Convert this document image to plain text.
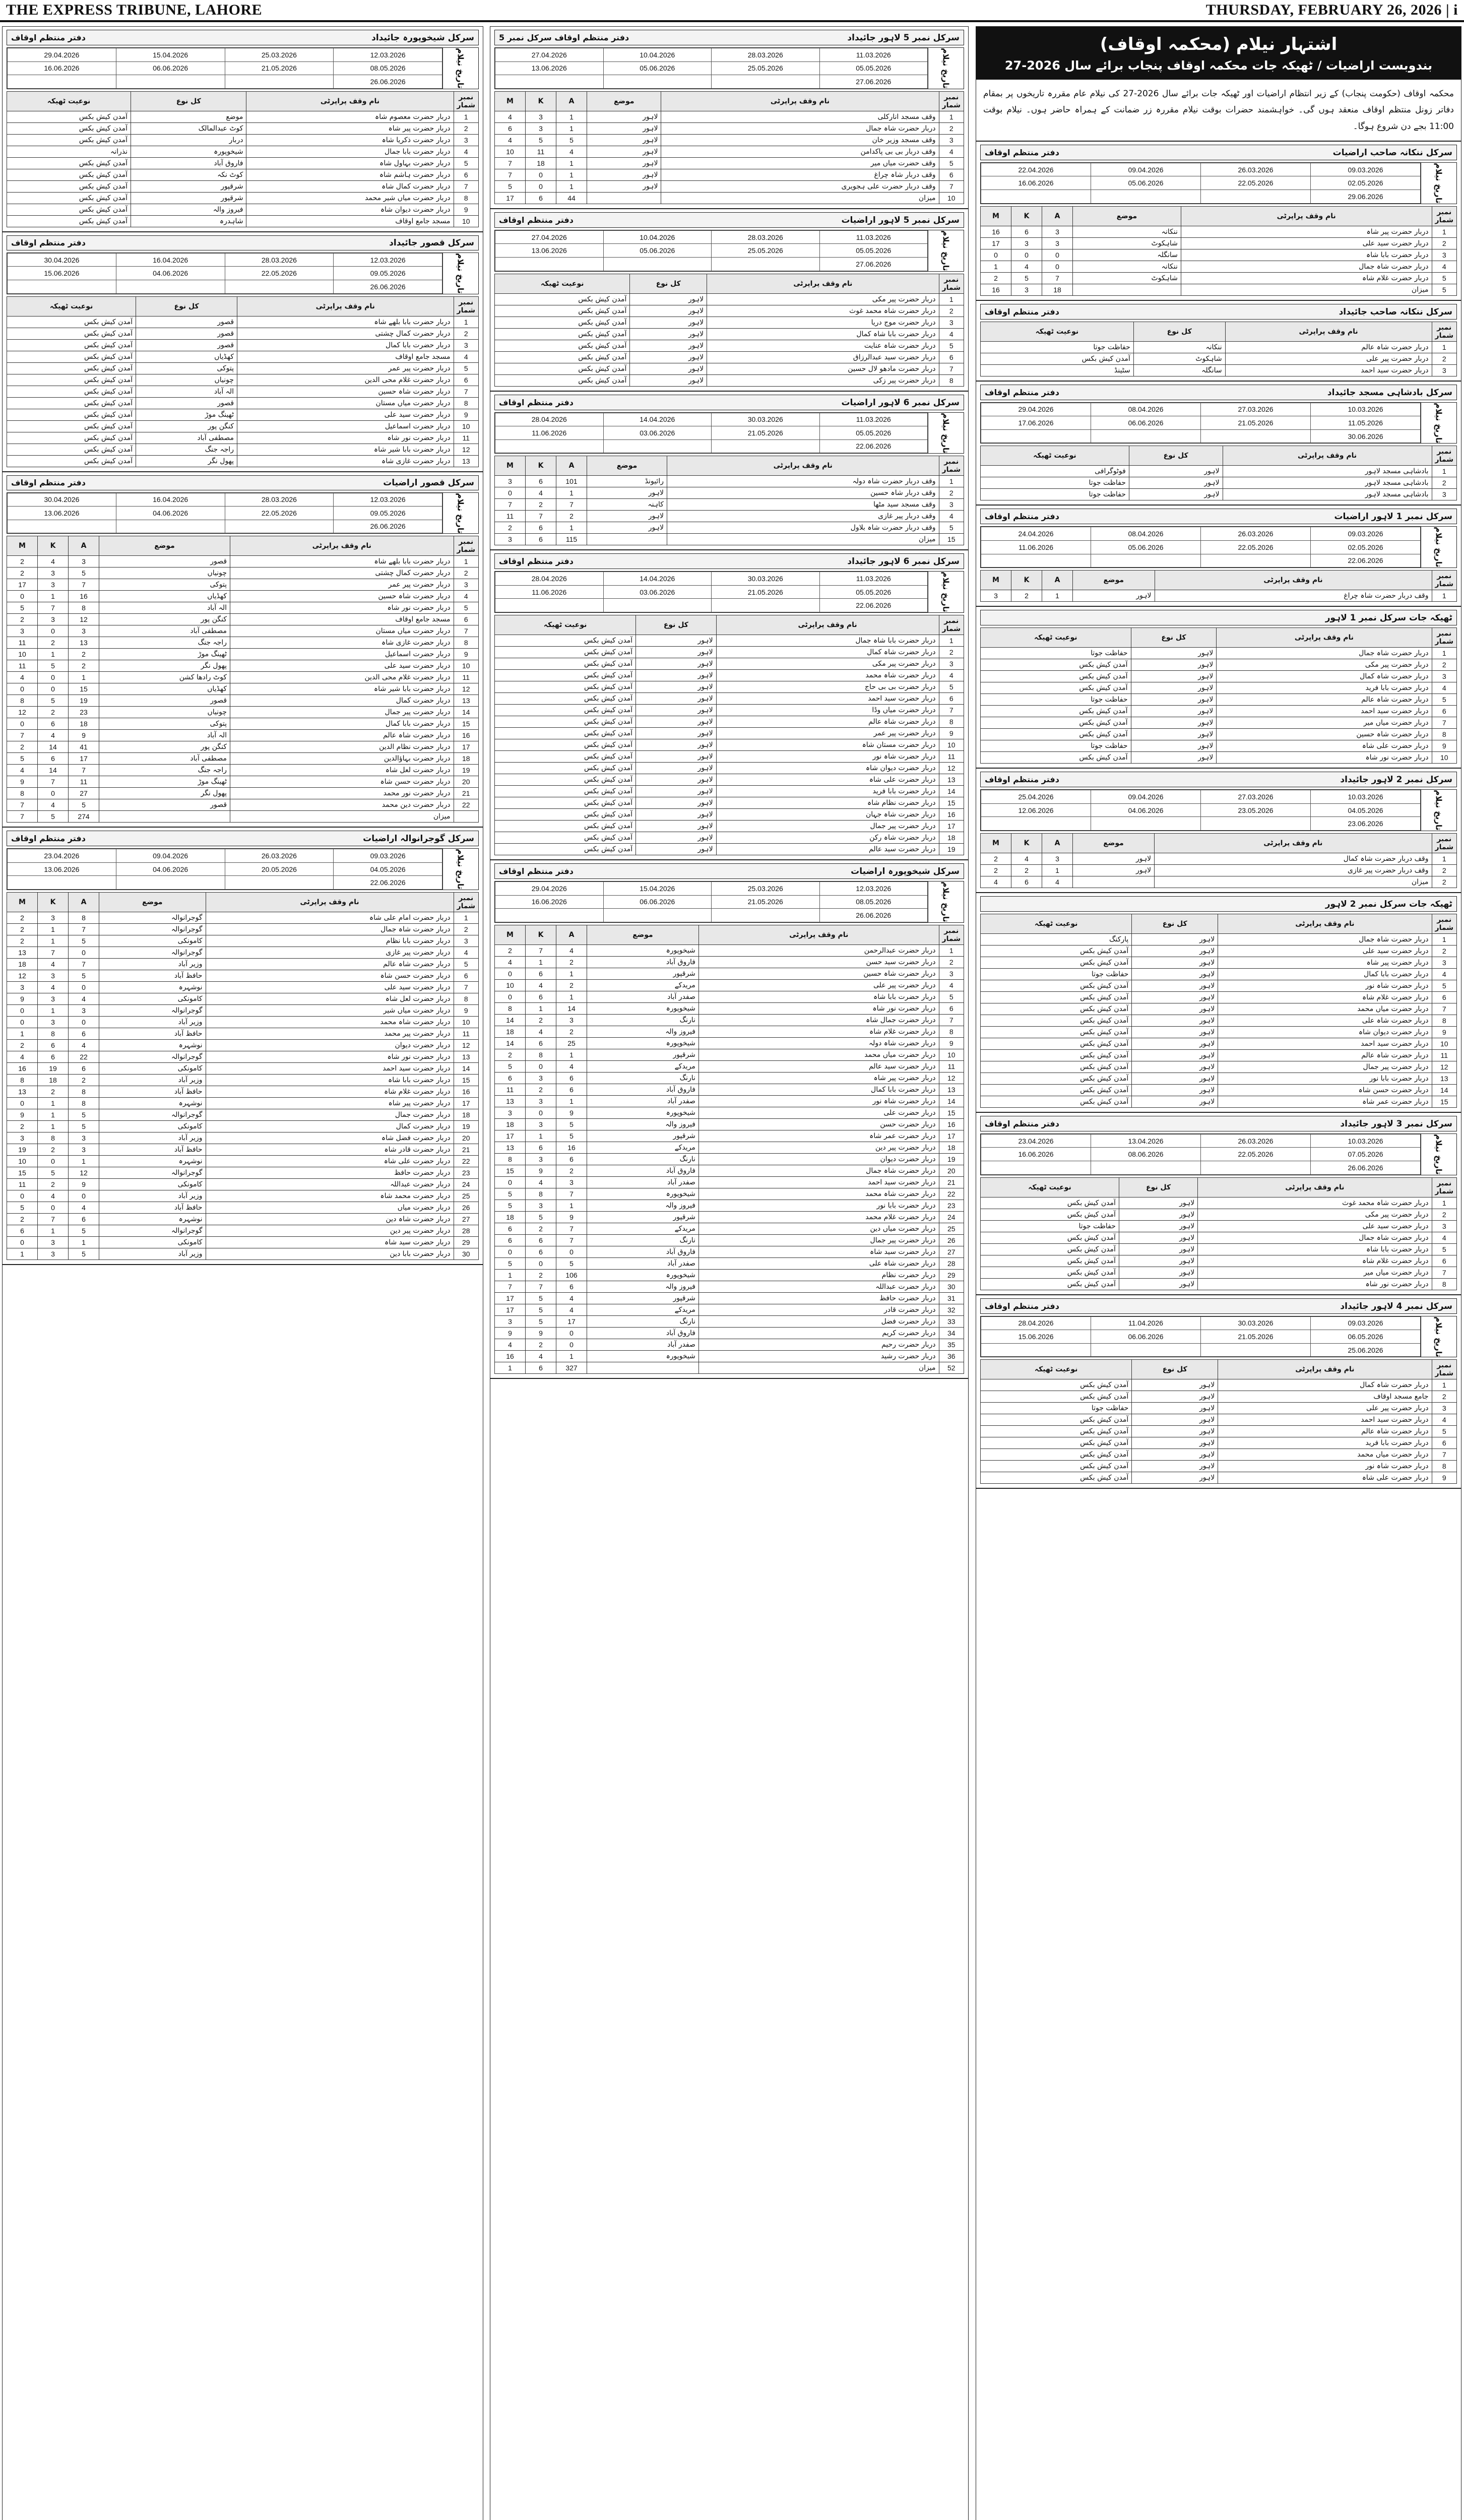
THE EXPRESS TRIBUNE, LAHORE	THURSDAY, FEBRUARY 26, 2026 | i
سرکل شیخوپورہ جائیداد
دفتر منتظم اوقاف
تاریخ نیلام
29.04.2026	15.04.2026	25.03.2026	12.03.2026
16.06.2026	06.06.2026	21.05.2026	08.05.2026
			26.06.2026
نمبر شمار	نام وقف پراپرٹی	کل نوع	نوعیت ٹھیکہ
1	دربار حضرت معصوم شاہ	موضع	آمدن کیش بکس
2	دربار حضرت پیر شاہ	کوٹ عبدالمالک	آمدن کیش بکس
3	دربار حضرت ذکریا شاہ	دربار	آمدن کیش بکس
4	دربار حضرت بابا جمال	شیخوپورہ	نذرانہ
5	دربار حضرت بہاول شاہ	فاروق آباد	آمدن کیش بکس
6	دربار حضرت ہاشم شاہ	کوٹ نکہ	آمدن کیش بکس
7	دربار حضرت کمال شاہ	شرقپور	آمدن کیش بکس
8	دربار حضرت میاں شیر محمد	شرقپور	آمدن کیش بکس
9	دربار حضرت دیوان شاہ	فیروز والہ	آمدن کیش بکس
10	مسجد جامع اوقاف	شاہدرہ	آمدن کیش بکس
سرکل قصور جائیداد
دفتر منتظم اوقاف
تاریخ نیلام
30.04.2026	16.04.2026	28.03.2026	12.03.2026
15.06.2026	04.06.2026	22.05.2026	09.05.2026
			26.06.2026
نمبر شمار	نام وقف پراپرٹی	کل نوع	نوعیت ٹھیکہ
1	دربار حضرت بابا بلھے شاہ	قصور	آمدن کیش بکس
2	دربار حضرت کمال چشتی	قصور	آمدن کیش بکس
3	دربار حضرت بابا کمال	قصور	آمدن کیش بکس
4	مسجد جامع اوقاف	کھڈیاں	آمدن کیش بکس
5	دربار حضرت پیر عمر	پتوکی	آمدن کیش بکس
6	دربار حضرت غلام محی الدین	چونیاں	آمدن کیش بکس
7	دربار حضرت شاہ حسین	الہ آباد	آمدن کیش بکس
8	دربار حضرت میاں مستان	قصور	آمدن کیش بکس
9	دربار حضرت سید علی	ٹھینگ موڑ	آمدن کیش بکس
10	دربار حضرت اسماعیل	کنگن پور	آمدن کیش بکس
11	دربار حضرت نور شاہ	مصطفی آباد	آمدن کیش بکس
12	دربار حضرت بابا شیر شاہ	راجہ جنگ	آمدن کیش بکس
13	دربار حضرت غازی شاہ	پھول نگر	آمدن کیش بکس
سرکل قصور اراضیات
دفتر منتظم اوقاف
تاریخ نیلام
30.04.2026	16.04.2026	28.03.2026	12.03.2026
13.06.2026	04.06.2026	22.05.2026	09.05.2026
			26.06.2026
نمبر شمار	نام وقف پراپرٹی	موضع	A	K	M
1	دربار حضرت بابا بلھے شاہ	قصور	3	4	2
2	دربار حضرت کمال چشتی	چونیاں	5	3	2
3	دربار حضرت پیر عمر	پتوکی	7	3	17
4	دربار حضرت شاہ حسین	کھڈیاں	16	1	0
5	دربار حضرت نور شاہ	الہ آباد	8	7	5
6	مسجد جامع اوقاف	کنگن پور	12	3	2
7	دربار حضرت میاں مستان	مصطفی آباد	3	0	3
8	دربار حضرت غازی شاہ	راجہ جنگ	13	2	11
9	دربار حضرت اسماعیل	ٹھینگ موڑ	2	1	10
10	دربار حضرت سید علی	پھول نگر	2	5	11
11	دربار حضرت غلام محی الدین	کوٹ رادھا کشن	1	0	4
12	دربار حضرت بابا شیر شاہ	کھڈیاں	15	0	0
13	دربار حضرت کمال	قصور	19	5	8
14	دربار حضرت پیر جمال	چونیاں	23	2	12
15	دربار حضرت بابا کمال	پتوکی	18	6	0
16	دربار حضرت شاہ عالم	الہ آباد	9	4	7
17	دربار حضرت نظام الدین	کنگن پور	41	14	2
18	دربار حضرت بہاؤالدین	مصطفی آباد	17	6	5
19	دربار حضرت لعل شاہ	راجہ جنگ	7	14	4
20	دربار حضرت حسن شاہ	ٹھینگ موڑ	11	7	9
21	دربار حضرت نور محمد	پھول نگر	27	0	8
22	دربار حضرت دین محمد	قصور	5	4	7
	میزان		274	5	7
سرکل گوجرانوالہ اراضیات
دفتر منتظم اوقاف
تاریخ نیلام
23.04.2026	09.04.2026	26.03.2026	09.03.2026
13.06.2026	04.06.2026	20.05.2026	04.05.2026
			22.06.2026
نمبر شمار	نام وقف پراپرٹی	موضع	A	K	M
1	دربار حضرت امام علی شاہ	گوجرانوالہ	8	3	2
2	دربار حضرت شاہ جمال	گوجرانوالہ	7	1	2
3	دربار حضرت بابا نظام	کامونکی	5	1	2
4	دربار حضرت پیر غازی	گوجرانوالہ	0	7	13
5	دربار حضرت شاہ عالم	وزیر آباد	7	4	18
6	دربار حضرت حسن شاہ	حافظ آباد	5	3	12
7	دربار حضرت سید علی	نوشہرہ	0	4	3
8	دربار حضرت لعل شاہ	کامونکی	4	3	9
9	دربار حضرت میاں شیر	گوجرانوالہ	3	1	0
10	دربار حضرت شاہ محمد	وزیر آباد	0	3	0
11	دربار حضرت پیر محمد	حافظ آباد	6	8	1
12	دربار حضرت دیوان	نوشہرہ	4	6	2
13	دربار حضرت نور شاہ	گوجرانوالہ	22	6	4
14	دربار حضرت سید احمد	کامونکی	6	19	16
15	دربار حضرت بابا شاہ	وزیر آباد	2	18	8
16	دربار حضرت غلام شاہ	حافظ آباد	8	2	13
17	دربار حضرت پیر شاہ	نوشہرہ	8	1	0
18	دربار حضرت جمال	گوجرانوالہ	5	1	9
19	دربار حضرت کمال	کامونکی	5	1	2
20	دربار حضرت فضل شاہ	وزیر آباد	3	8	3
21	دربار حضرت قادر شاہ	حافظ آباد	3	2	19
22	دربار حضرت علی شاہ	نوشہرہ	1	0	10
23	دربار حضرت حافظ	گوجرانوالہ	12	5	15
24	دربار حضرت عبداللہ	کامونکی	9	2	11
25	دربار حضرت محمد شاہ	وزیر آباد	0	4	0
26	دربار حضرت میاں	حافظ آباد	4	0	5
27	دربار حضرت شاہ دین	نوشہرہ	6	7	2
28	دربار حضرت پیر دین	گوجرانوالہ	5	1	6
29	دربار حضرت سید شاہ	کامونکی	1	3	0
30	دربار حضرت بابا دین	وزیر آباد	5	3	1
سرکل نمبر 5 لاہور جائیداد
دفتر منتظم اوقاف سرکل نمبر 5
تاریخ نیلام
27.04.2026	10.04.2026	28.03.2026	11.03.2026
13.06.2026	05.06.2026	25.05.2026	05.05.2026
			27.06.2026
نمبر شمار	نام وقف پراپرٹی	موضع	A	K	M
1	وقف مسجد انارکلی	لاہور	1	3	4
2	دربار حضرت شاہ جمال	لاہور	1	3	6
3	وقف مسجد وزیر خان	لاہور	5	5	4
4	وقف دربار بی بی پاکدامن	لاہور	4	11	10
5	وقف حضرت میاں میر	لاہور	1	18	7
6	وقف دربار شاہ چراغ	لاہور	1	0	7
7	وقف دربار حضرت علی ہجویری	لاہور	1	0	5
10	میزان		44	6	17
سرکل نمبر 5 لاہور اراضیات
دفتر منتظم اوقاف
تاریخ نیلام
27.04.2026	10.04.2026	28.03.2026	11.03.2026
13.06.2026	05.06.2026	25.05.2026	05.05.2026
			27.06.2026
نمبر شمار	نام وقف پراپرٹی	کل نوع	نوعیت ٹھیکہ
1	دربار حضرت پیر مکی	لاہور	آمدن کیش بکس
2	دربار حضرت شاہ محمد غوث	لاہور	آمدن کیش بکس
3	دربار حضرت موج دریا	لاہور	آمدن کیش بکس
4	دربار حضرت بابا شاہ کمال	لاہور	آمدن کیش بکس
5	دربار حضرت شاہ عنایت	لاہور	آمدن کیش بکس
6	دربار حضرت سید عبدالرزاق	لاہور	آمدن کیش بکس
7	دربار حضرت مادھو لال حسین	لاہور	آمدن کیش بکس
8	دربار حضرت پیر زکی	لاہور	آمدن کیش بکس
سرکل نمبر 6 لاہور اراضیات
دفتر منتظم اوقاف
تاریخ نیلام
28.04.2026	14.04.2026	30.03.2026	11.03.2026
11.06.2026	03.06.2026	21.05.2026	05.05.2026
			22.06.2026
نمبر شمار	نام وقف پراپرٹی	موضع	A	K	M
1	وقف دربار حضرت شاہ دولہ	رائیونڈ	101	6	3
2	وقف دربار شاہ حسین	لاہور	1	4	0
3	وقف مسجد سید مٹھا	کاہنہ	7	2	7
4	وقف دربار پیر غازی	لاہور	2	7	11
5	وقف دربار حضرت شاہ بلاول	لاہور	1	6	2
15	میزان		115	6	3
سرکل نمبر 6 لاہور جائیداد
دفتر منتظم اوقاف
تاریخ نیلام
28.04.2026	14.04.2026	30.03.2026	11.03.2026
11.06.2026	03.06.2026	21.05.2026	05.05.2026
			22.06.2026
نمبر شمار	نام وقف پراپرٹی	کل نوع	نوعیت ٹھیکہ
1	دربار حضرت بابا شاہ جمال	لاہور	آمدن کیش بکس
2	دربار حضرت شاہ کمال	لاہور	آمدن کیش بکس
3	دربار حضرت پیر مکی	لاہور	آمدن کیش بکس
4	دربار حضرت شاہ محمد	لاہور	آمدن کیش بکس
5	دربار حضرت بی بی حاج	لاہور	آمدن کیش بکس
6	دربار حضرت سید احمد	لاہور	آمدن کیش بکس
7	دربار حضرت میاں وڈا	لاہور	آمدن کیش بکس
8	دربار حضرت شاہ عالم	لاہور	آمدن کیش بکس
9	دربار حضرت پیر عمر	لاہور	آمدن کیش بکس
10	دربار حضرت مستان شاہ	لاہور	آمدن کیش بکس
11	دربار حضرت شاہ نور	لاہور	آمدن کیش بکس
12	دربار حضرت دیوان شاہ	لاہور	آمدن کیش بکس
13	دربار حضرت علی شاہ	لاہور	آمدن کیش بکس
14	دربار حضرت بابا فرید	لاہور	آمدن کیش بکس
15	دربار حضرت نظام شاہ	لاہور	آمدن کیش بکس
16	دربار حضرت شاہ جہان	لاہور	آمدن کیش بکس
17	دربار حضرت پیر جمال	لاہور	آمدن کیش بکس
18	دربار حضرت شاہ رکن	لاہور	آمدن کیش بکس
19	دربار حضرت سید عالم	لاہور	آمدن کیش بکس
سرکل شیخوپورہ اراضیات
دفتر منتظم اوقاف
تاریخ نیلام
29.04.2026	15.04.2026	25.03.2026	12.03.2026
16.06.2026	06.06.2026	21.05.2026	08.05.2026
			26.06.2026
نمبر شمار	نام وقف پراپرٹی	موضع	A	K	M
1	دربار حضرت عبدالرحمن	شیخوپورہ	4	7	2
2	دربار حضرت سید حسن	فاروق آباد	2	1	4
3	دربار حضرت شاہ حسین	شرقپور	1	6	0
4	دربار حضرت پیر علی	مریدکے	2	4	10
5	دربار حضرت بابا شاہ	صفدر آباد	1	6	0
6	دربار حضرت نور شاہ	شیخوپورہ	14	1	8
7	دربار حضرت جمال شاہ	نارنگ	3	2	14
8	دربار حضرت غلام شاہ	فیروز والہ	2	4	18
9	دربار حضرت شاہ دولہ	شیخوپورہ	25	6	14
10	دربار حضرت میاں محمد	شرقپور	1	8	2
11	دربار حضرت سید عالم	مریدکے	4	0	5
12	دربار حضرت پیر شاہ	نارنگ	6	3	6
13	دربار حضرت بابا کمال	فاروق آباد	6	2	11
14	دربار حضرت شاہ نور	صفدر آباد	1	3	13
15	دربار حضرت علی	شیخوپورہ	9	0	3
16	دربار حضرت حسن	فیروز والہ	5	3	18
17	دربار حضرت عمر شاہ	شرقپور	5	1	17
18	دربار حضرت پیر دین	مریدکے	16	6	13
19	دربار حضرت دیوان	نارنگ	6	3	8
20	دربار حضرت شاہ جمال	فاروق آباد	2	9	15
21	دربار حضرت سید احمد	صفدر آباد	3	4	0
22	دربار حضرت شاہ محمد	شیخوپورہ	7	8	5
23	دربار حضرت بابا نور	فیروز والہ	1	3	5
24	دربار حضرت غلام محمد	شرقپور	9	5	18
25	دربار حضرت میاں دین	مریدکے	7	2	6
26	دربار حضرت پیر جمال	نارنگ	7	6	6
27	دربار حضرت سید شاہ	فاروق آباد	0	6	0
28	دربار حضرت شاہ علی	صفدر آباد	5	0	5
29	دربار حضرت نظام	شیخوپورہ	106	2	1
30	دربار حضرت عبداللہ	فیروز والہ	6	7	7
31	دربار حضرت حافظ	شرقپور	4	5	17
32	دربار حضرت قادر	مریدکے	4	5	17
33	دربار حضرت فضل	نارنگ	17	5	3
34	دربار حضرت کریم	فاروق آباد	0	9	9
35	دربار حضرت رحیم	صفدر آباد	0	2	4
36	دربار حضرت رشید	شیخوپورہ	1	4	16
52	میزان		327	6	1
اشتہار نیلام (محکمہ اوقاف)
بندوبست اراضیات / ٹھیکہ جات محکمہ اوقاف پنجاب برائے سال 2026-27
محکمہ اوقاف (حکومت پنجاب) کے زیر انتظام اراضیات اور ٹھیکہ جات برائے سال 2026-27 کی نیلام عام مقررہ تاریخوں پر بمقام دفاتر زونل منتظم اوقاف منعقد ہوں گی۔ خواہشمند حضرات بوقت نیلام مقررہ زر ضمانت کے ہمراہ حاضر ہوں۔ نیلام بوقت 11:00 بجے دن شروع ہوگا۔
سرکل ننکانہ صاحب اراضیات
دفتر منتظم اوقاف
تاریخ نیلام
22.04.2026	09.04.2026	26.03.2026	09.03.2026
16.06.2026	05.06.2026	22.05.2026	02.05.2026
			29.06.2026
نمبر شمار	نام وقف پراپرٹی	موضع	A	K	M
1	دربار حضرت پیر شاہ	ننکانہ	3	6	16
2	دربار حضرت سید علی	شاہکوٹ	3	3	17
3	دربار حضرت بابا شاہ	سانگلہ	0	0	0
4	دربار حضرت شاہ جمال	ننکانہ	0	4	1
5	دربار حضرت غلام شاہ	شاہکوٹ	7	5	2
5	میزان		18	3	16
سرکل ننکانہ صاحب جائیداد
دفتر منتظم اوقاف
نمبر شمار	نام وقف پراپرٹی	کل نوع	نوعیت ٹھیکہ
1	دربار حضرت شاہ عالم	ننکانہ	حفاظت جوتا
2	دربار حضرت پیر علی	شاہکوٹ	آمدن کیش بکس
3	دربار حضرت سید احمد	سانگلہ	سٹینڈ
سرکل بادشاہی مسجد جائیداد
دفتر منتظم اوقاف
تاریخ نیلام
29.04.2026	08.04.2026	27.03.2026	10.03.2026
17.06.2026	06.06.2026	21.05.2026	11.05.2026
			30.06.2026
نمبر شمار	نام وقف پراپرٹی	کل نوع	نوعیت ٹھیکہ
1	بادشاہی مسجد لاہور	لاہور	فوٹوگرافی
2	بادشاہی مسجد لاہور	لاہور	حفاظت جوتا
3	بادشاہی مسجد لاہور	لاہور	حفاظت جوتا
سرکل نمبر 1 لاہور اراضیات
دفتر منتظم اوقاف
تاریخ نیلام
24.04.2026	08.04.2026	26.03.2026	09.03.2026
11.06.2026	05.06.2026	22.05.2026	02.05.2026
			22.06.2026
نمبر شمار	نام وقف پراپرٹی	موضع	A	K	M
1	وقف دربار حضرت شاہ چراغ	لاہور	1	2	3
ٹھیکہ جات سرکل نمبر 1 لاہور
نمبر شمار	نام وقف پراپرٹی	کل نوع	نوعیت ٹھیکہ
1	دربار حضرت شاہ جمال	لاہور	حفاظت جوتا
2	دربار حضرت پیر مکی	لاہور	آمدن کیش بکس
3	دربار حضرت شاہ کمال	لاہور	آمدن کیش بکس
4	دربار حضرت بابا فرید	لاہور	آمدن کیش بکس
5	دربار حضرت شاہ عالم	لاہور	حفاظت جوتا
6	دربار حضرت سید احمد	لاہور	آمدن کیش بکس
7	دربار حضرت میاں میر	لاہور	آمدن کیش بکس
8	دربار حضرت شاہ حسین	لاہور	آمدن کیش بکس
9	دربار حضرت علی شاہ	لاہور	حفاظت جوتا
10	دربار حضرت نور شاہ	لاہور	آمدن کیش بکس
سرکل نمبر 2 لاہور جائیداد
دفتر منتظم اوقاف
تاریخ نیلام
25.04.2026	09.04.2026	27.03.2026	10.03.2026
12.06.2026	04.06.2026	23.05.2026	04.05.2026
			23.06.2026
نمبر شمار	نام وقف پراپرٹی	موضع	A	K	M
1	وقف دربار حضرت شاہ کمال	لاہور	3	4	2
2	وقف دربار حضرت پیر غازی	لاہور	1	2	2
2	میزان		4	6	4
ٹھیکہ جات سرکل نمبر 2 لاہور
نمبر شمار	نام وقف پراپرٹی	کل نوع	نوعیت ٹھیکہ
1	دربار حضرت شاہ جمال	لاہور	پارکنگ
2	دربار حضرت سید علی	لاہور	آمدن کیش بکس
3	دربار حضرت پیر شاہ	لاہور	آمدن کیش بکس
4	دربار حضرت بابا کمال	لاہور	حفاظت جوتا
5	دربار حضرت شاہ نور	لاہور	آمدن کیش بکس
6	دربار حضرت غلام شاہ	لاہور	آمدن کیش بکس
7	دربار حضرت میاں محمد	لاہور	آمدن کیش بکس
8	دربار حضرت شاہ علی	لاہور	آمدن کیش بکس
9	دربار حضرت دیوان شاہ	لاہور	آمدن کیش بکس
10	دربار حضرت سید احمد	لاہور	آمدن کیش بکس
11	دربار حضرت شاہ عالم	لاہور	آمدن کیش بکس
12	دربار حضرت پیر جمال	لاہور	آمدن کیش بکس
13	دربار حضرت بابا نور	لاہور	آمدن کیش بکس
14	دربار حضرت حسن شاہ	لاہور	آمدن کیش بکس
15	دربار حضرت عمر شاہ	لاہور	آمدن کیش بکس
سرکل نمبر 3 لاہور جائیداد
دفتر منتظم اوقاف
تاریخ نیلام
23.04.2026	13.04.2026	26.03.2026	10.03.2026
16.06.2026	08.06.2026	22.05.2026	07.05.2026
			26.06.2026
نمبر شمار	نام وقف پراپرٹی	کل نوع	نوعیت ٹھیکہ
1	دربار حضرت شاہ محمد غوث	لاہور	آمدن کیش بکس
2	دربار حضرت پیر مکی	لاہور	آمدن کیش بکس
3	دربار حضرت سید علی	لاہور	حفاظت جوتا
4	دربار حضرت شاہ جمال	لاہور	آمدن کیش بکس
5	دربار حضرت بابا شاہ	لاہور	آمدن کیش بکس
6	دربار حضرت غلام شاہ	لاہور	آمدن کیش بکس
7	دربار حضرت میاں میر	لاہور	آمدن کیش بکس
8	دربار حضرت نور شاہ	لاہور	آمدن کیش بکس
سرکل نمبر 4 لاہور جائیداد
دفتر منتظم اوقاف
تاریخ نیلام
28.04.2026	11.04.2026	30.03.2026	09.03.2026
15.06.2026	06.06.2026	21.05.2026	06.05.2026
			25.06.2026
نمبر شمار	نام وقف پراپرٹی	کل نوع	نوعیت ٹھیکہ
1	دربار حضرت شاہ کمال	لاہور	آمدن کیش بکس
2	جامع مسجد اوقاف	لاہور	آمدن کیش بکس
3	دربار حضرت پیر علی	لاہور	حفاظت جوتا
4	دربار حضرت سید احمد	لاہور	آمدن کیش بکس
5	دربار حضرت شاہ عالم	لاہور	آمدن کیش بکس
6	دربار حضرت بابا فرید	لاہور	آمدن کیش بکس
7	دربار حضرت میاں محمد	لاہور	آمدن کیش بکس
8	دربار حضرت شاہ نور	لاہور	آمدن کیش بکس
9	دربار حضرت علی شاہ	لاہور	آمدن کیش بکس
